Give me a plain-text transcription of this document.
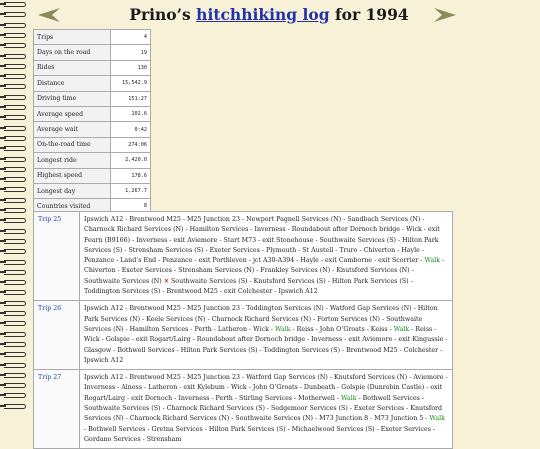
Prino’s hitchhiking log for 1994
Trips	4
Days on the road	19
Rides	130
Distance	15,542.9
Driving time	151:27
Average speed	102.6
Average wait	0:42
On-the-road time	274:06
Longest ride	2,420.0
Highest speed	178.6
Longest day	1,267.7
Countries visited	8
Trip 25	Ipswich A12 - Brentwood M25 - M25 Junction 23 - Newport Pagnell Services (N) - Sandbach Services (N) - Charnock Richard Services (N) - Hamilton Services - Inverness - Roundabout after Dornoch bridge - Wick - exit Fearn (B9166) - Inverness - exit Aviemore - Start M73 - exit Stonehouse - Southwaite Services (S) - Hilton Park Services (S) - Strensham Services (S) - Exeter Services - Plymouth - St Austell - Truro - Chiverton - Hayle - Penzance - Land’s End - Penzance - exit Porthleven - jct A30-A394 - Hayle - exit Camborne - exit Scorrier - Walk - Chiverton - Exeter Services - Strensham Services (N) - Frankley Services (N) - Knutsford Services (N) - Southwaite Services (N) ✕ Southwaite Services (S) - Knutsford Services (S) - Hilton Park Services (S) - Toddington Services (S) - Brentwood M25 - exit Colchester - Ipswich A12
Trip 26	Ipswich A12 - Brentwood M25 - M25 Junction 23 - Toddington Services (N) - Watford Gap Services (N) - Hilton Park Services (N) - Keele Services (N) - Charnock Richard Services (N) - Forton Services (N) - Southwaite Services (N) - Hamilton Services - Perth - Latheron - Wick - Walk - Reiss - John O’Groats - Keiss - Walk - Reiss - Wick - Golspie - exit Rogart/Lairg - Roundabout after Dornoch bridge - Inverness - exit Aviemore - exit Kingussie - Glasgow - Bothwell Services - Hilton Park Services (S) - Toddington Services (S) - Brentwood M25 - Colchester - Ipswich A12
Trip 27	Ipswich A12 - Brentwood M25 - M25 Junction 23 - Watford Gap Services (N) - Knutsford Services (N) - Aviemore - Inverness - Alness - Latheron - exit Kylebum - Wick - John O’Groats - Dunbeath - Golspie (Dunrobin Castle) - exit Rogart/Lairg - exit Dornoch - Inverness - Perth - Stirling Services - Motherwell - Walk - Bothwell Services - Southwaite Services (S) - Charnock Richard Services (S) - Sedgemoor Services (S) - Exeter Services - Knutsford Services (N) - Charnock Richard Services (N) - Southwaite Services (N) - M73 Junction 8 - M73 Junction 5 - Walk - Bothwell Services - Gretna Services - Hilton Park Services (S) - Michaelwood Services (S) - Exeter Services - Gordano Services - Strensham
